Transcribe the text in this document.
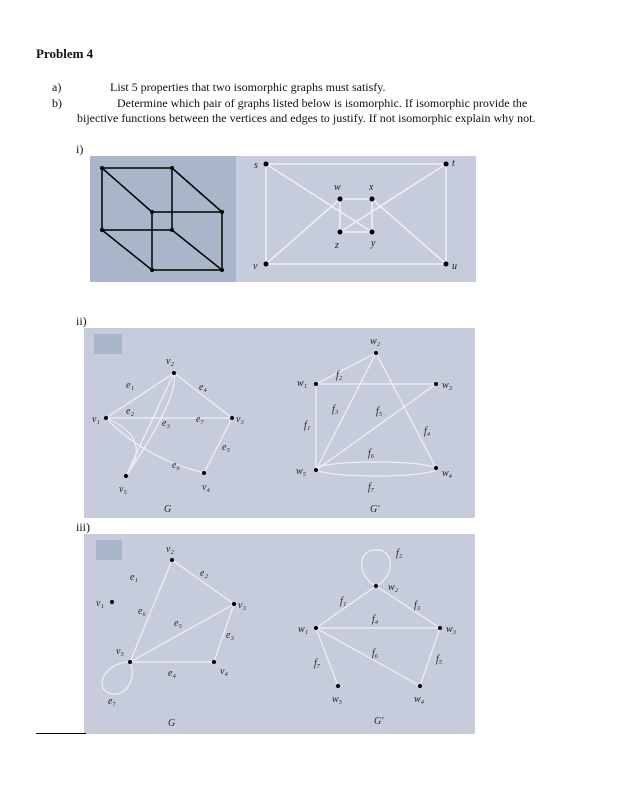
Problem 4
a)	List 5 properties that two isomorphic graphs must satisfy.
b)	Determine which pair of graphs listed below is isomorphic. If isomorphic provide the
bijective functions between the vertices and edges to justify. If not isomorphic explain why not.
i)
s	t
v	u
w	x
z	y
ii)
v₁
v₂
v₃
v₄
v₅
e₁
e₂
e₃
e₄
e₅
e₆
e₇
G
w₁
w₂
w₃
w₄
w₅
f₁
f₂
f₃
f₄
f₅
f₆
f₇
G'
iii)
v₁
v₂
v₃
v₄
v₅
e₁	e₂
e₃
e₄
e₅
e₆
e₇
G
w₁
w₂
w₃
w₄
w₅
f₁
f₂
f₃
f₄
f₅
f₆
f₇
G'
